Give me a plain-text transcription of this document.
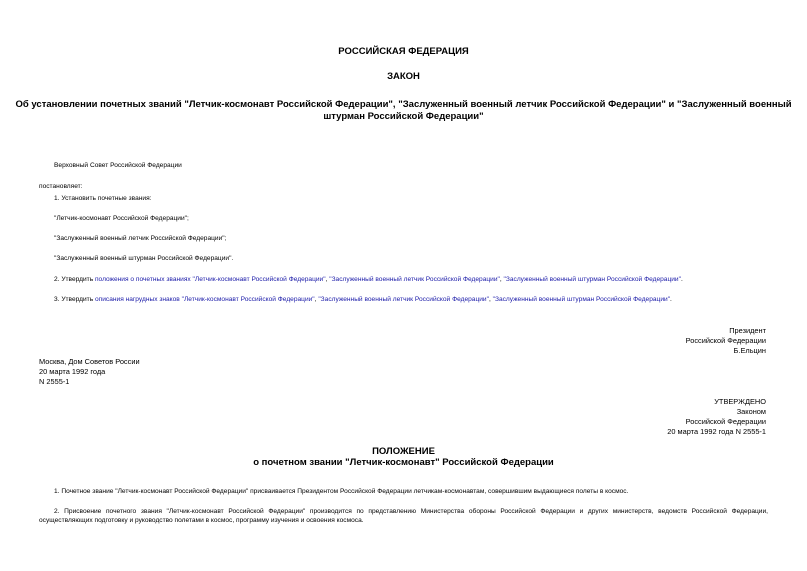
РОССИЙСКАЯ ФЕДЕРАЦИЯ
ЗАКОН
Об установлении почетных званий "Летчик-космонавт Российской Федерации", "Заслуженный военный летчик Российской Федерации" и "Заслуженный военный
штурман Российской Федерации"
Верховный Совет Российской Федерации
постановляет:
1. Установить почетные звания:
"Летчик-космонавт Российской Федерации";
"Заслуженный военный летчик Российской Федерации";
"Заслуженный военный штурман Российской Федерации".
2. Утвердить положения о почетных званиях "Летчик-космонавт Российской Федерации", "Заслуженный военный летчик Российской Федерации", "Заслуженный военный штурман Российской Федерации".
3. Утвердить описания нагрудных знаков "Летчик-космонавт Российской Федерации", "Заслуженный военный летчик Российской Федерации", "Заслуженный военный штурман Российской Федерации".
Президент
Российской Федерации
Б.Ельцин
Москва, Дом Советов России
20 марта 1992 года
N 2555-1
УТВЕРЖДЕНО
Законом
Российской Федерации
20 марта 1992 года N 2555-1
ПОЛОЖЕНИЕ
о почетном звании "Летчик-космонавт" Российской Федерации
1. Почетное звание "Летчик-космонавт Российской Федерации" присваивается Президентом Российской Федерации летчикам-космонавтам, совершившим выдающиеся полеты в космос.
2. Присвоение почетного звания "Летчик-космонавт Российской Федерации" производится по представлению Министерства обороны Российской Федерации и других министерств, ведомств Российской Федерации, осуществляющих подготовку и руководство полетами в космос, программу изучения и освоения космоса.
